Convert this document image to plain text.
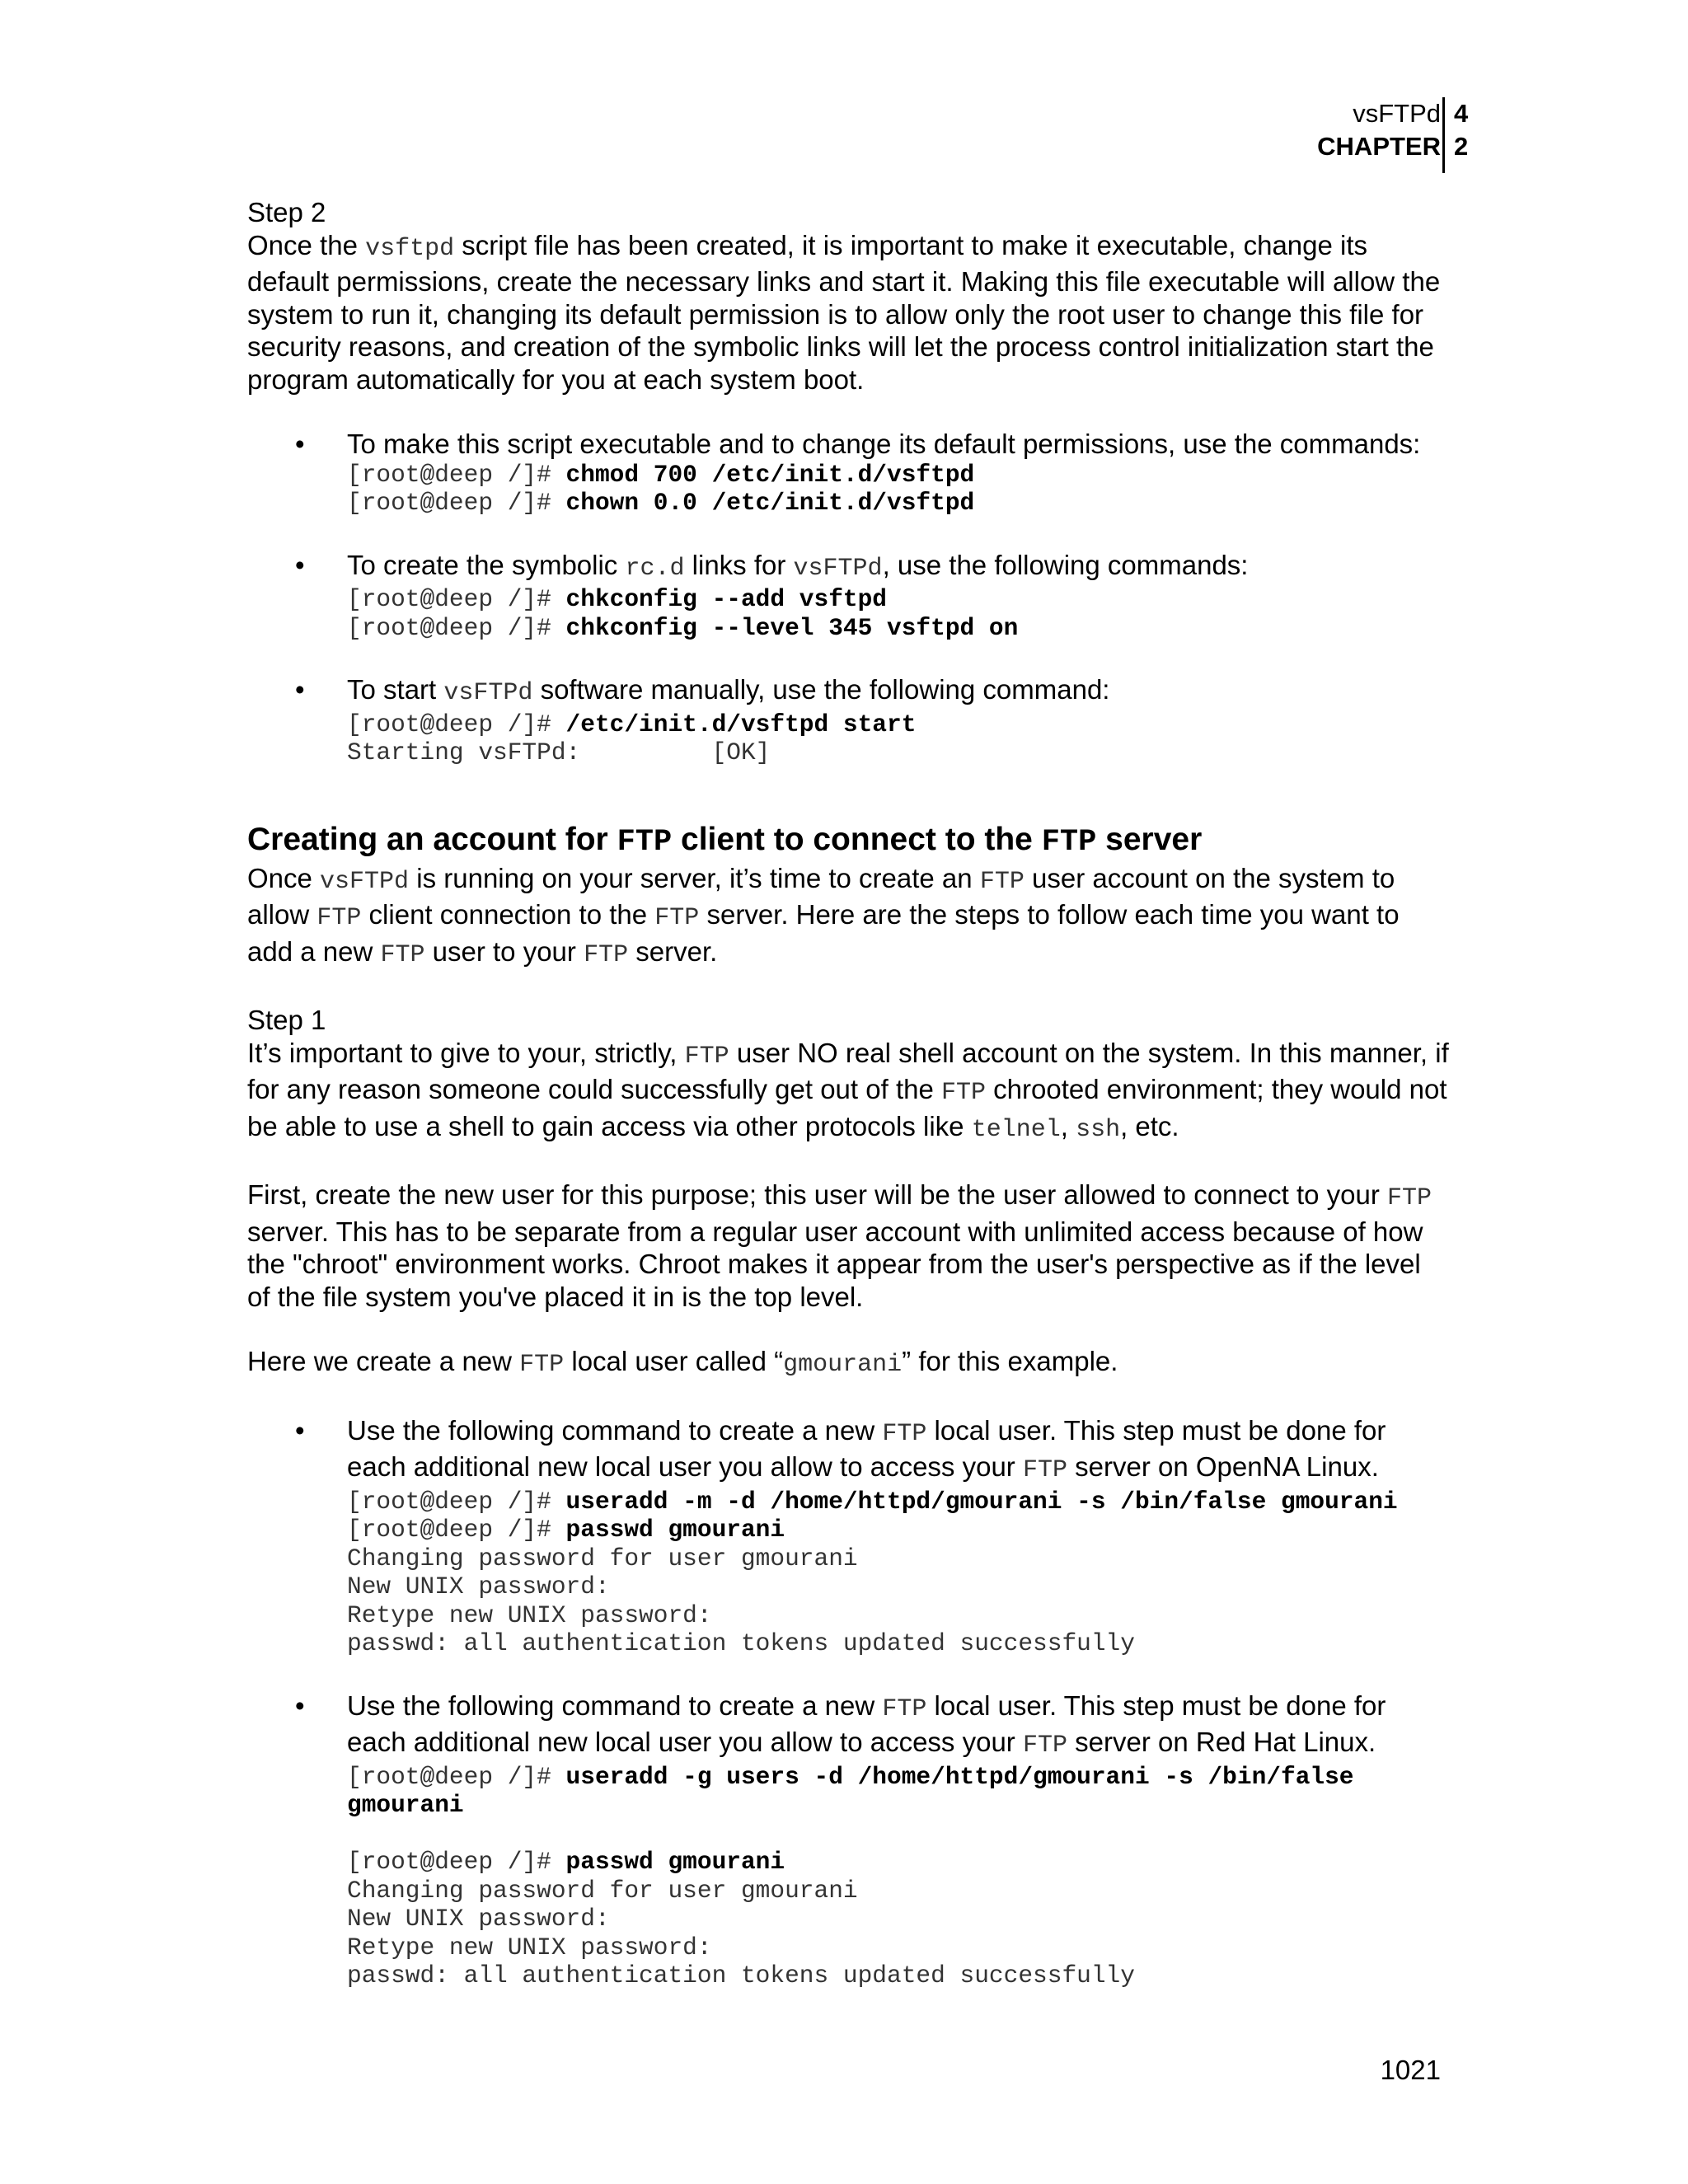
vsFTPd
CHAPTER
4
2

Step 2

Once the vsftpd script file has been created, it is important to make it executable, change its default permissions, create the necessary links and start it. Making this file executable will allow the system to run it, changing its default permission is to allow only the root user to change this file for security reasons, and creation of the symbolic links will let the process control initialization start the program automatically for you at each system boot.

• To make this script executable and to change its default permissions, use the commands:

[root@deep /]# chmod 700 /etc/init.d/vsftpd
[root@deep /]# chown 0.0 /etc/init.d/vsftpd
• To create the symbolic rc.d links for vsFTPd, use the following commands:

[root@deep /]# chkconfig --add vsftpd
[root@deep /]# chkconfig --level 345 vsftpd on
• To start vsFTPd software manually, use the following command:

[root@deep /]# /etc/init.d/vsftpd start
Starting vsFTPd:         [OK]
Creating an account for FTP client to connect to the FTP server

Once vsFTPd is running on your server, it’s time to create an FTP user account on the system to allow FTP client connection to the FTP server. Here are the steps to follow each time you want to add a new FTP user to your FTP server.

Step 1

It’s important to give to your, strictly, FTP user NO real shell account on the system. In this manner, if for any reason someone could successfully get out of the FTP chrooted environment; they would not be able to use a shell to gain access via other protocols like telnel, ssh, etc.

First, create the new user for this purpose; this user will be the user allowed to connect to your FTP server. This has to be separate from a regular user account with unlimited access because of how the "chroot" environment works. Chroot makes it appear from the user's perspective as if the level of the file system you've placed it in is the top level.

Here we create a new FTP local user called “gmourani” for this example.

• Use the following command to create a new FTP local user. This step must be done for each additional new local user you allow to access your FTP server on OpenNA Linux.

[root@deep /]# useradd -m -d /home/httpd/gmourani -s /bin/false gmourani
[root@deep /]# passwd gmourani
Changing password for user gmourani
New UNIX password:
Retype new UNIX password:
passwd: all authentication tokens updated successfully
• Use the following command to create a new FTP local user. This step must be done for each additional new local user you allow to access your FTP server on Red Hat Linux.

[root@deep /]# useradd -g users -d /home/httpd/gmourani -s /bin/false
gmourani

[root@deep /]# passwd gmourani
Changing password for user gmourani
New UNIX password:
Retype new UNIX password:
passwd: all authentication tokens updated successfully
1021
